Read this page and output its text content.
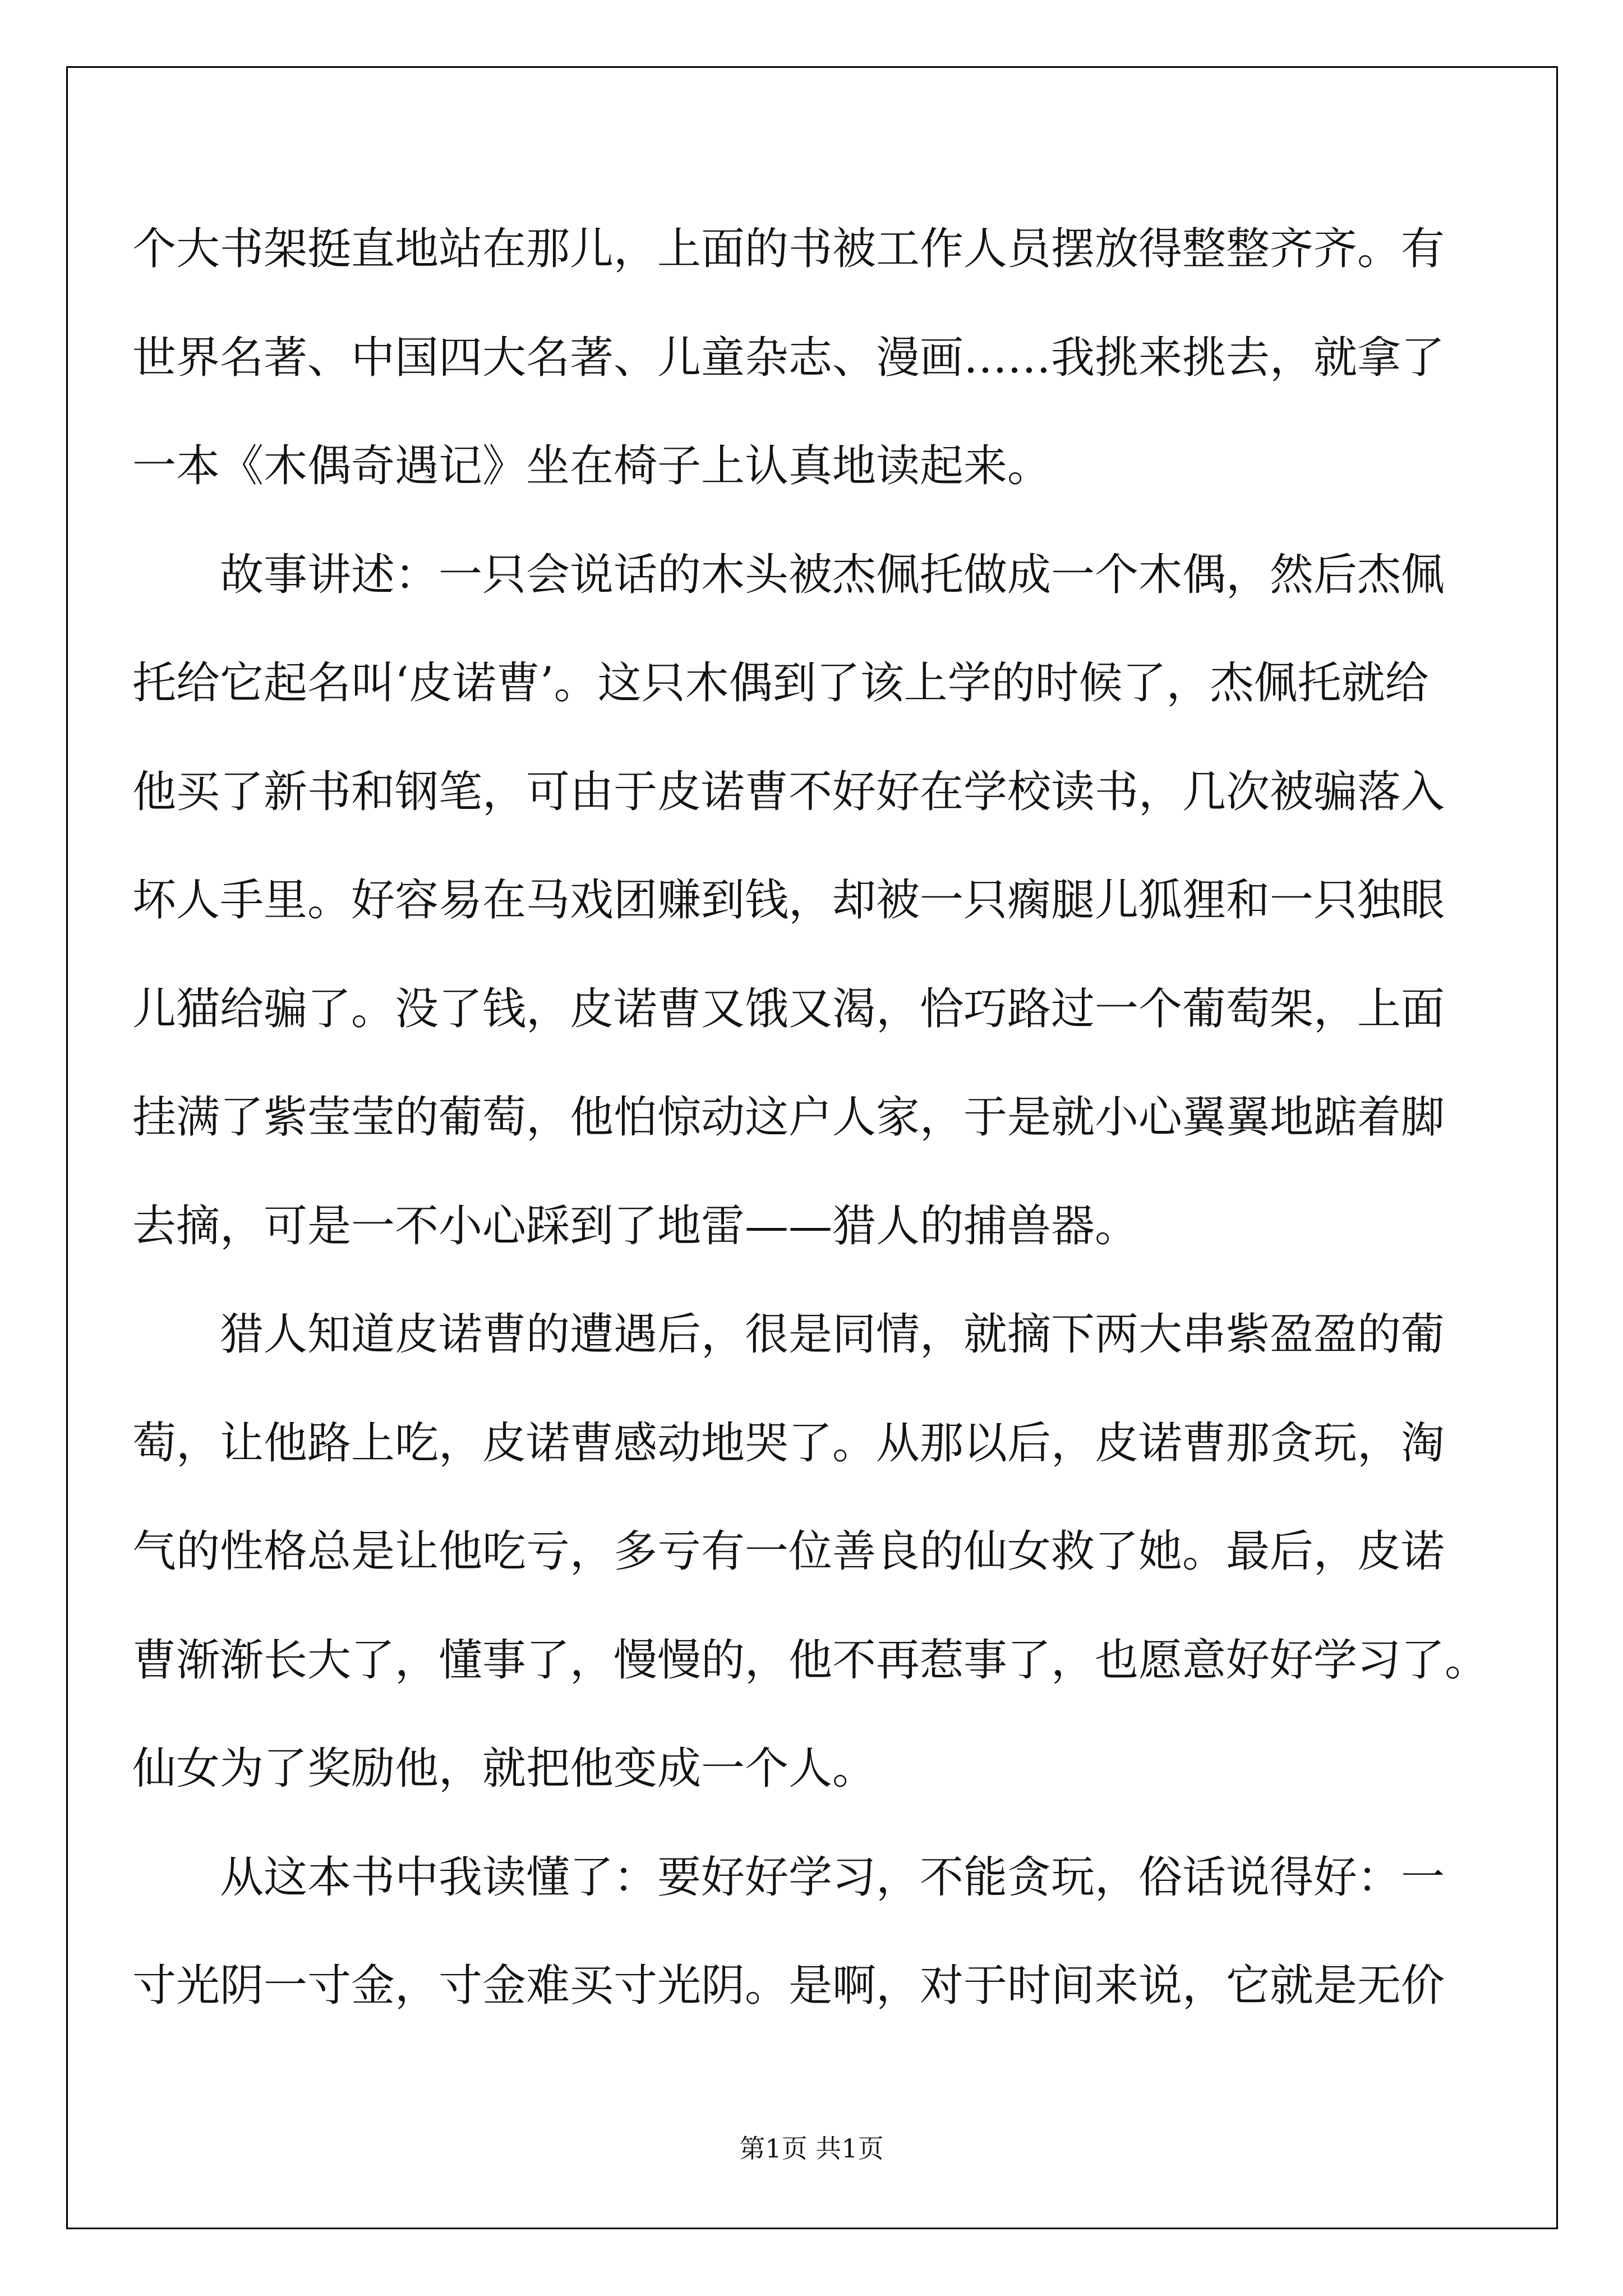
个大书架挺直地站在那儿，上面的书被工作人员摆放得整整齐齐。有
世界名著、中国四大名著、儿童杂志、漫画……我挑来挑去，就拿了
一本《木偶奇遇记》坐在椅子上认真地读起来。
故事讲述：一只会说话的木头被杰佩托做成一个木偶，然后杰佩
托给它起名叫‘皮诺曹’。这只木偶到了该上学的时候了，杰佩托就给
他买了新书和钢笔，可由于皮诺曹不好好在学校读书，几次被骗落入
坏人手里。好容易在马戏团赚到钱，却被一只瘸腿儿狐狸和一只独眼
儿猫给骗了。没了钱，皮诺曹又饿又渴，恰巧路过一个葡萄架，上面
挂满了紫莹莹的葡萄，他怕惊动这户人家，于是就小心翼翼地踮着脚
去摘，可是一不小心踩到了地雷——猎人的捕兽器。
猎人知道皮诺曹的遭遇后，很是同情，就摘下两大串紫盈盈的葡
萄，让他路上吃，皮诺曹感动地哭了。从那以后，皮诺曹那贪玩，淘
气的性格总是让他吃亏，多亏有一位善良的仙女救了她。最后，皮诺
曹渐渐长大了，懂事了，慢慢的，他不再惹事了，也愿意好好学习了。
仙女为了奖励他，就把他变成一个人。
从这本书中我读懂了：要好好学习，不能贪玩，俗话说得好：一
寸光阴一寸金，寸金难买寸光阴。是啊，对于时间来说，它就是无价
第1页 共1页
